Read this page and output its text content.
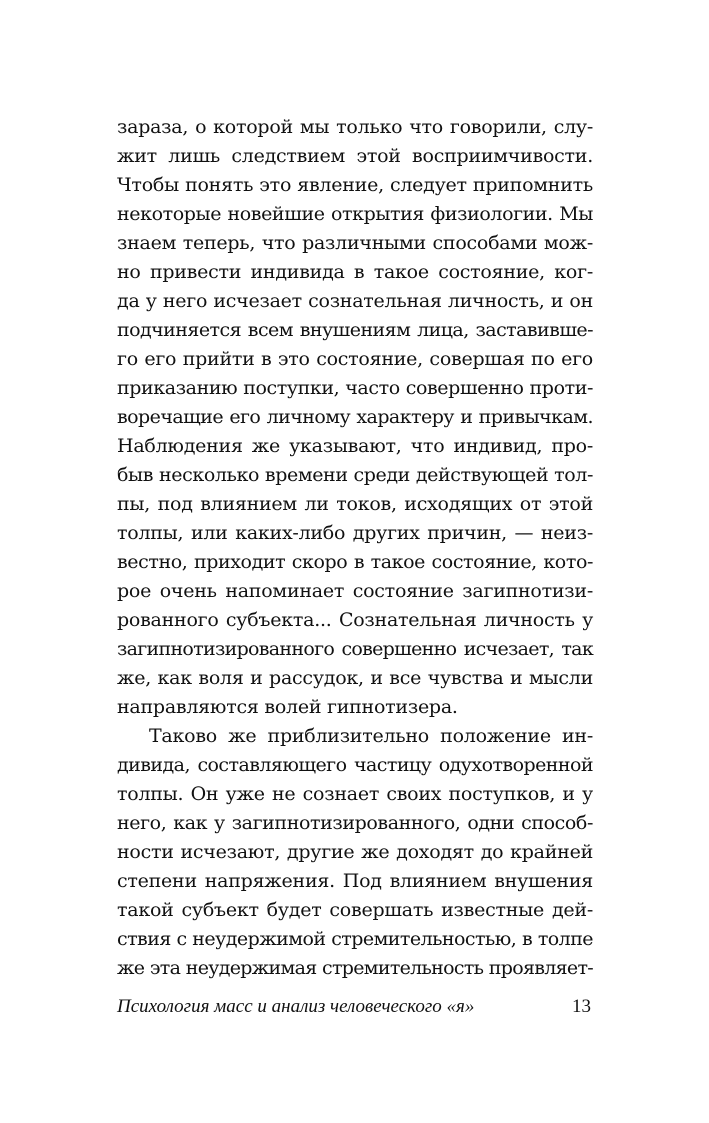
зараза, о которой мы только что говорили, слу-
жит лишь следствием этой восприимчивости.
Чтобы понять это явление, следует припомнить
некоторые новейшие открытия физиологии. Мы
знаем теперь, что различными способами мож-
но привести индивида в такое состояние, ког-
да у него исчезает сознательная личность, и он
подчиняется всем внушениям лица, заставивше-
го его прийти в это состояние, совершая по его
приказанию поступки, часто совершенно проти-
воречащие его личному характеру и привычкам.
Наблюдения же указывают, что индивид, про-
быв несколько времени среди действующей тол-
пы, под влиянием ли токов, исходящих от этой
толпы, или каких-либо других причин, — неиз-
вестно, приходит скоро в такое состояние, кото-
рое очень напоминает состояние загипнотизи-
рованного субъекта... Сознательная личность у
загипнотизированного совершенно исчезает, так
же, как воля и рассудок, и все чувства и мысли
направляются волей гипнотизера.
Таково же приблизительно положение ин-
дивида, составляющего частицу одухотворенной
толпы. Он уже не сознает своих поступков, и у
него, как у загипнотизированного, одни способ-
ности исчезают, другие же доходят до крайней
степени напряжения. Под влиянием внушения
такой субъект будет совершать известные дей-
ствия с неудержимой стремительностью, в толпе
же эта неудержимая стремительность проявляет-
Психология масс и анализ человеческого «я»	13
